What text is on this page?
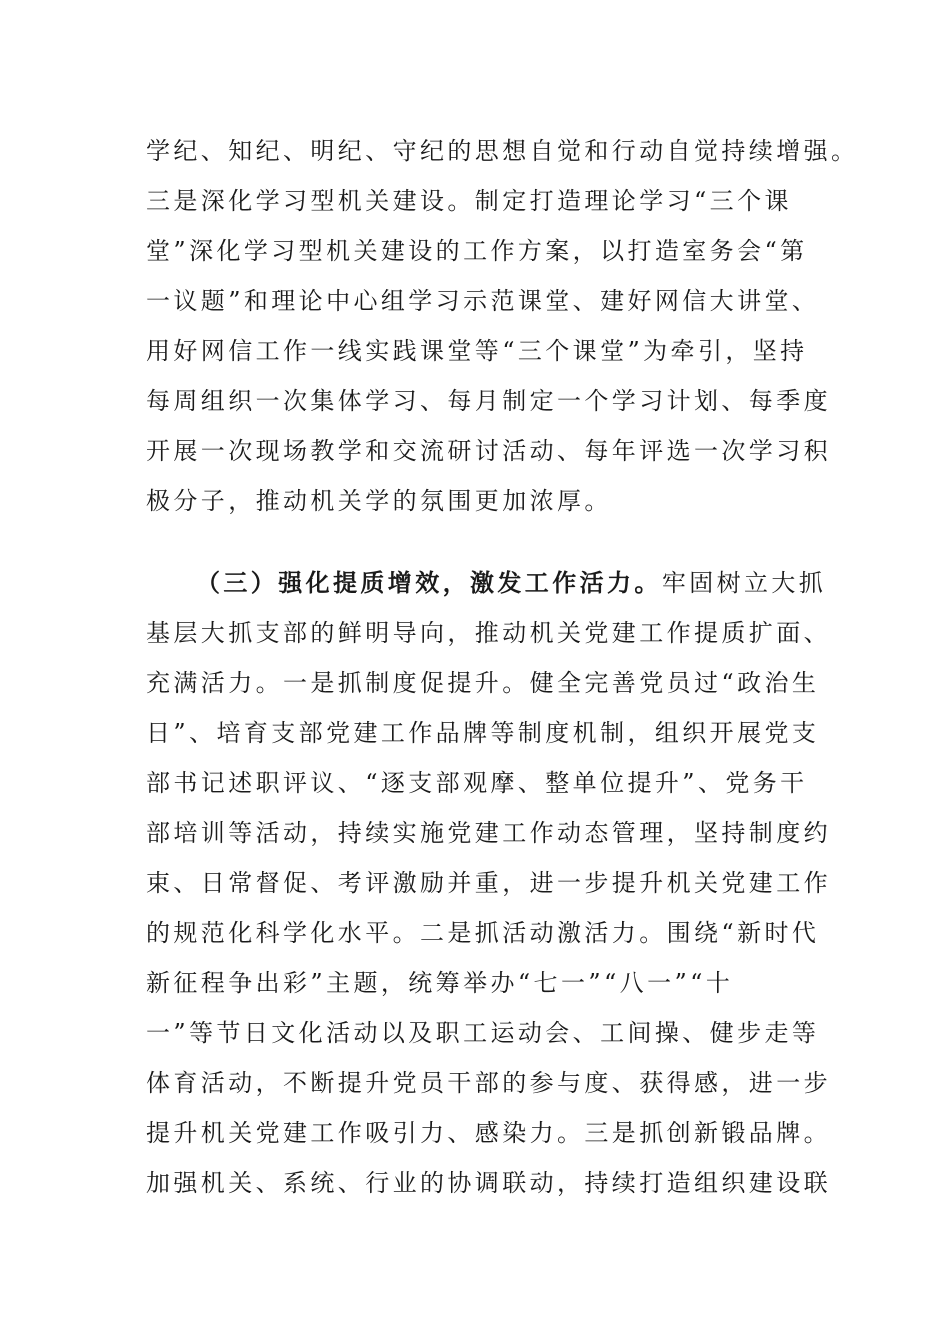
学纪、知纪、明纪、守纪的思想自觉和行动自觉持续增强。
三是深化学习型机关建设。制定打造理论学习“三个课
堂”深化学习型机关建设的工作方案，以打造室务会“第
一议题”和理论中心组学习示范课堂、建好网信大讲堂、
用好网信工作一线实践课堂等“三个课堂”为牵引，坚持
每周组织一次集体学习、每月制定一个学习计划、每季度
开展一次现场教学和交流研讨活动、每年评选一次学习积
极分子，推动机关学的氛围更加浓厚。
（三）强化提质增效，激发工作活力。牢固树立大抓
基层大抓支部的鲜明导向，推动机关党建工作提质扩面、
充满活力。一是抓制度促提升。健全完善党员过“政治生
日”、培育支部党建工作品牌等制度机制，组织开展党支
部书记述职评议、“逐支部观摩、整单位提升”、党务干
部培训等活动，持续实施党建工作动态管理，坚持制度约
束、日常督促、考评激励并重，进一步提升机关党建工作
的规范化科学化水平。二是抓活动激活力。围绕“新时代
新征程争出彩”主题，统筹举办“七一”“八一”“十
一”等节日文化活动以及职工运动会、工间操、健步走等
体育活动，不断提升党员干部的参与度、获得感，进一步
提升机关党建工作吸引力、感染力。三是抓创新锻品牌。
加强机关、系统、行业的协调联动，持续打造组织建设联
